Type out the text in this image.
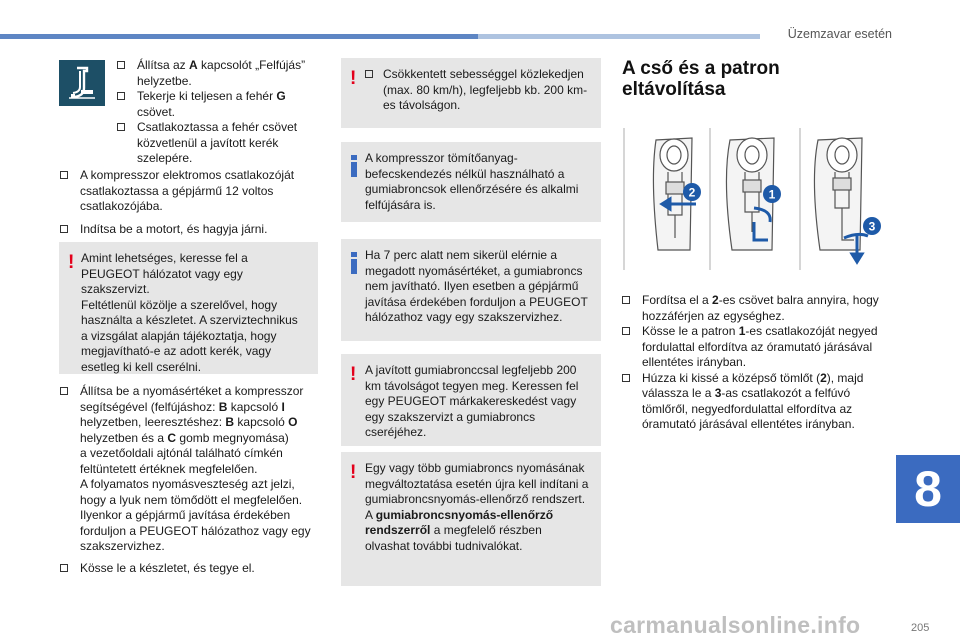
Üzemzavar esetén
Állítsa az A kapcsolót „Felfújás” helyzetbe.
Tekerje ki teljesen a fehér G csövet.
Csatlakoztassa a fehér csövet közvetlenül a javított kerék szelepére.
A kompresszor elektromos csatlakozóját csatlakoztassa a gépjármű 12 voltos csatlakozójába.
Indítsa be a motort, és hagyja járni.
! Amint lehetséges, keresse fel a PEUGEOT hálózatot vagy egy szakszervizt.
Feltétlenül közölje a szerelővel, hogy használta a készletet. A szerviztechnikus a vizsgálat alapján tájékoztatja, hogy megjavítható-e az adott kerék, vagy esetleg ki kell cserélni.
Állítsa be a nyomásértéket a kompresszor segítségével (felfújáshoz: B kapcsoló I helyzetben, leeresztéshez: B kapcsoló O helyzetben és a C gomb megnyomása)
a vezetőoldali ajtónál található címkén feltüntetett értéknek megfelelően.
A folyamatos nyomásveszteség azt jelzi, hogy a lyuk nem tömődött el megfelelően. Ilyenkor a gépjármű javítása érdekében forduljon a PEUGEOT hálózathoz vagy egy szakszervizhez.
Kösse le a készletet, és tegye el.
!	Csökkentett sebességgel közlekedjen (max. 80 km/h), legfeljebb kb. 200 km-es távolságon.
A kompresszor tömítőanyag-befecskendezés nélkül használható a gumiabroncsok ellenőrzésére és alkalmi felfújására is.
Ha 7 perc alatt nem sikerül elérnie a megadott nyomásértéket, a gumiabroncs nem javítható. Ilyen esetben a gépjármű javítása érdekében forduljon a PEUGEOT hálózathoz vagy egy szakszervizhez.
! A javított gumiabronccsal legfeljebb 200 km távolságot tegyen meg. Keressen fel egy PEUGEOT márkakereskedést vagy egy szakszervizt a gumiabroncs cseréjéhez.
! Egy vagy több gumiabroncs nyomásának megváltoztatása esetén újra kell indítani a gumiabroncsnyomás-ellenőrző rendszert. A gumiabroncsnyomás-ellenőrző rendszerről a megfelelő részben olvashat további tudnivalókat.
A cső és a patron eltávolítása
2	1
3
Fordítsa el a 2-es csövet balra annyira, hogy hozzáférjen az egységhez.
Kösse le a patron 1-es csatlakozóját negyed fordulattal elfordítva az óramutató járásával ellentétes irányban.
Húzza ki kissé a középső tömlőt (2), majd válassza le a 3-as csatlakozót a felfúvó tömlőről, negyedfordulattal elfordítva az óramutató járásával ellentétes irányban.
8
carmanualsonline.info	205
